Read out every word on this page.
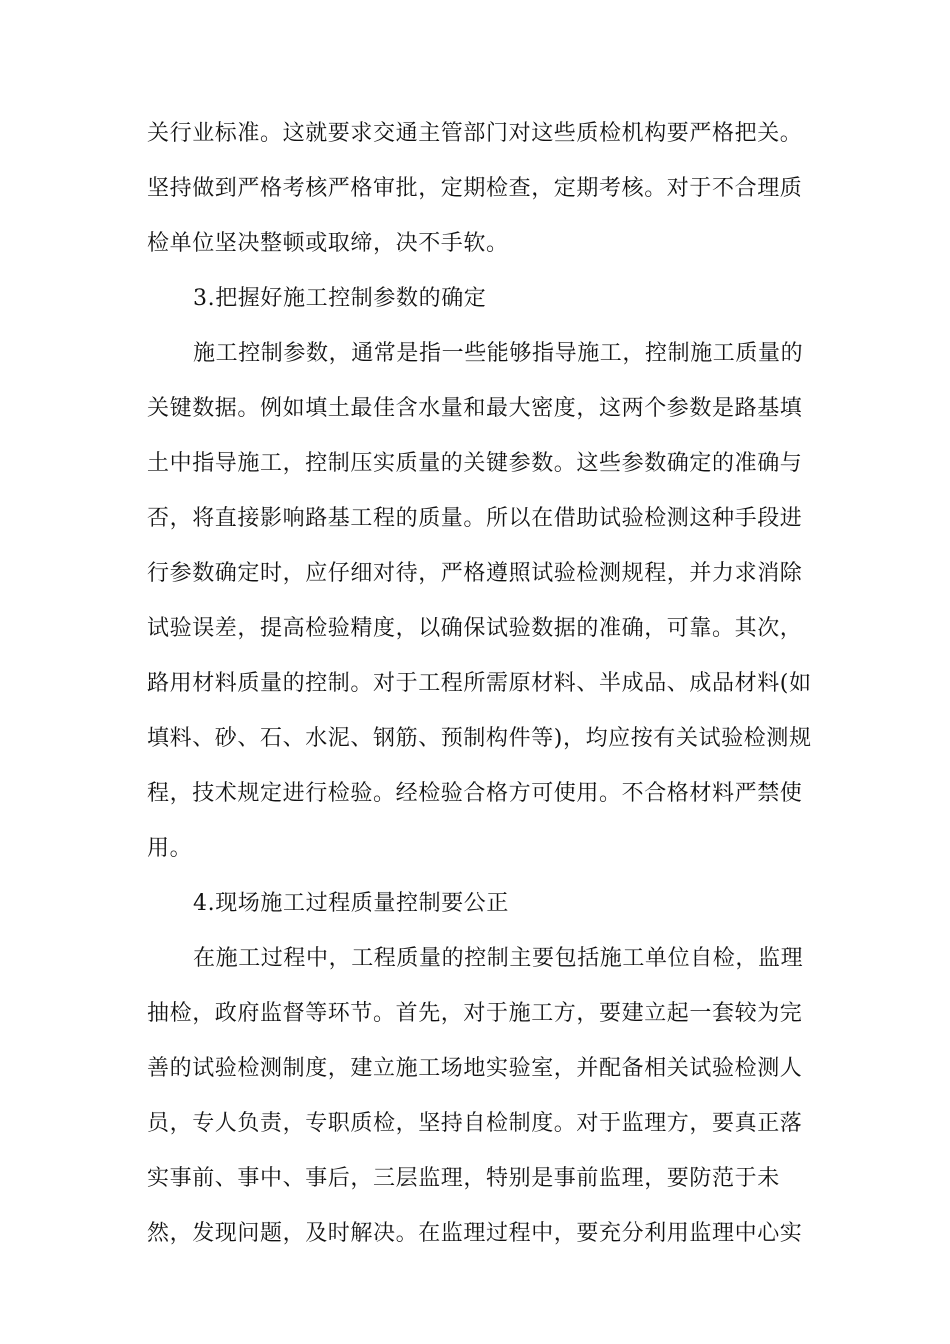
关行业标准。这就要求交通主管部门对这些质检机构要严格把关。
坚持做到严格考核严格审批，定期检查，定期考核。对于不合理质
检单位坚决整顿或取缔，决不手软。
3.把握好施工控制参数的确定
施工控制参数，通常是指一些能够指导施工，控制施工质量的
关键数据。例如填土最佳含水量和最大密度，这两个参数是路基填
土中指导施工，控制压实质量的关键参数。这些参数确定的准确与
否，将直接影响路基工程的质量。所以在借助试验检测这种手段进
行参数确定时，应仔细对待，严格遵照试验检测规程，并力求消除
试验误差，提高检验精度，以确保试验数据的准确，可靠。其次，
路用材料质量的控制。对于工程所需原材料、半成品、成品材料(如
填料、砂、石、水泥、钢筋、预制构件等)，均应按有关试验检测规
程，技术规定进行检验。经检验合格方可使用。不合格材料严禁使
用。
4.现场施工过程质量控制要公正
在施工过程中，工程质量的控制主要包括施工单位自检，监理
抽检，政府监督等环节。首先，对于施工方，要建立起一套较为完
善的试验检测制度，建立施工场地实验室，并配备相关试验检测人
员，专人负责，专职质检，坚持自检制度。对于监理方，要真正落
实事前、事中、事后，三层监理，特别是事前监理，要防范于未
然，发现问题，及时解决。在监理过程中，要充分利用监理中心实
